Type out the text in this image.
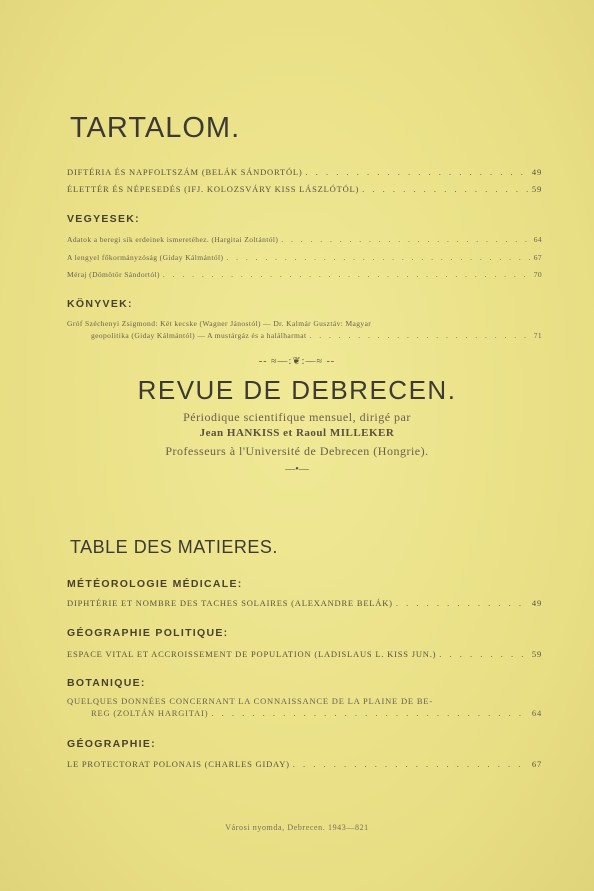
TARTALOM.
DIFTÉRIA ÉS NAPFOLTSZÁM (BELÁK SÁNDORTÓL) . . .	49
ÉLETTÉR ÉS NÉPESEDÉS (IFJ. KOLOZSVÁRY KISS LÁSZLÓTÓL) . . .	59
VEGYESEK:
Adatok a beregi sík erdeinek ismeretéhez. (Hargitai Zoltántól) . . .	64
A lengyel főkormányzóság (Giday Kálmántól) . . .	67
Méraj (Dömötör Sándortól) . . .	70
KÖNYVEK:
Gróf Széchenyi Zsigmond: Két kecske (Wagner Jánostól) — Dr. Kalmár Gusztáv: Magyar
geopolitika (Giday Kálmántól) — A mustárgáz és a halálharmat . . .	71
-- ≈—:❦:—≈ --
REVUE DE DEBRECEN.
Périodique scientifique mensuel, dirigé par
Jean HANKISS et Raoul MILLEKER
Professeurs à l'Université de Debrecen (Hongrie).
—•—
TABLE DES MATIERES.
MÉTÉOROLOGIE MÉDICALE:
DIPHTÉRIE ET NOMBRE DES TACHES SOLAIRES (ALEXANDRE BELÁK) . . .	49
GÉOGRAPHIE POLITIQUE:
ESPACE VITAL ET ACCROISSEMENT DE POPULATION (LADISLAUS L. KISS JUN.) . . .	59
BOTANIQUE:
QUELQUES DONNÉES CONCERNANT LA CONNAISSANCE DE LA PLAINE DE BE-
REG (ZOLTÁN HARGITAI) . . .	64
GÉOGRAPHIE:
LE PROTECTORAT POLONAIS (CHARLES GIDAY) . . .	67
Városi nyomda, Debrecen. 1943—821
